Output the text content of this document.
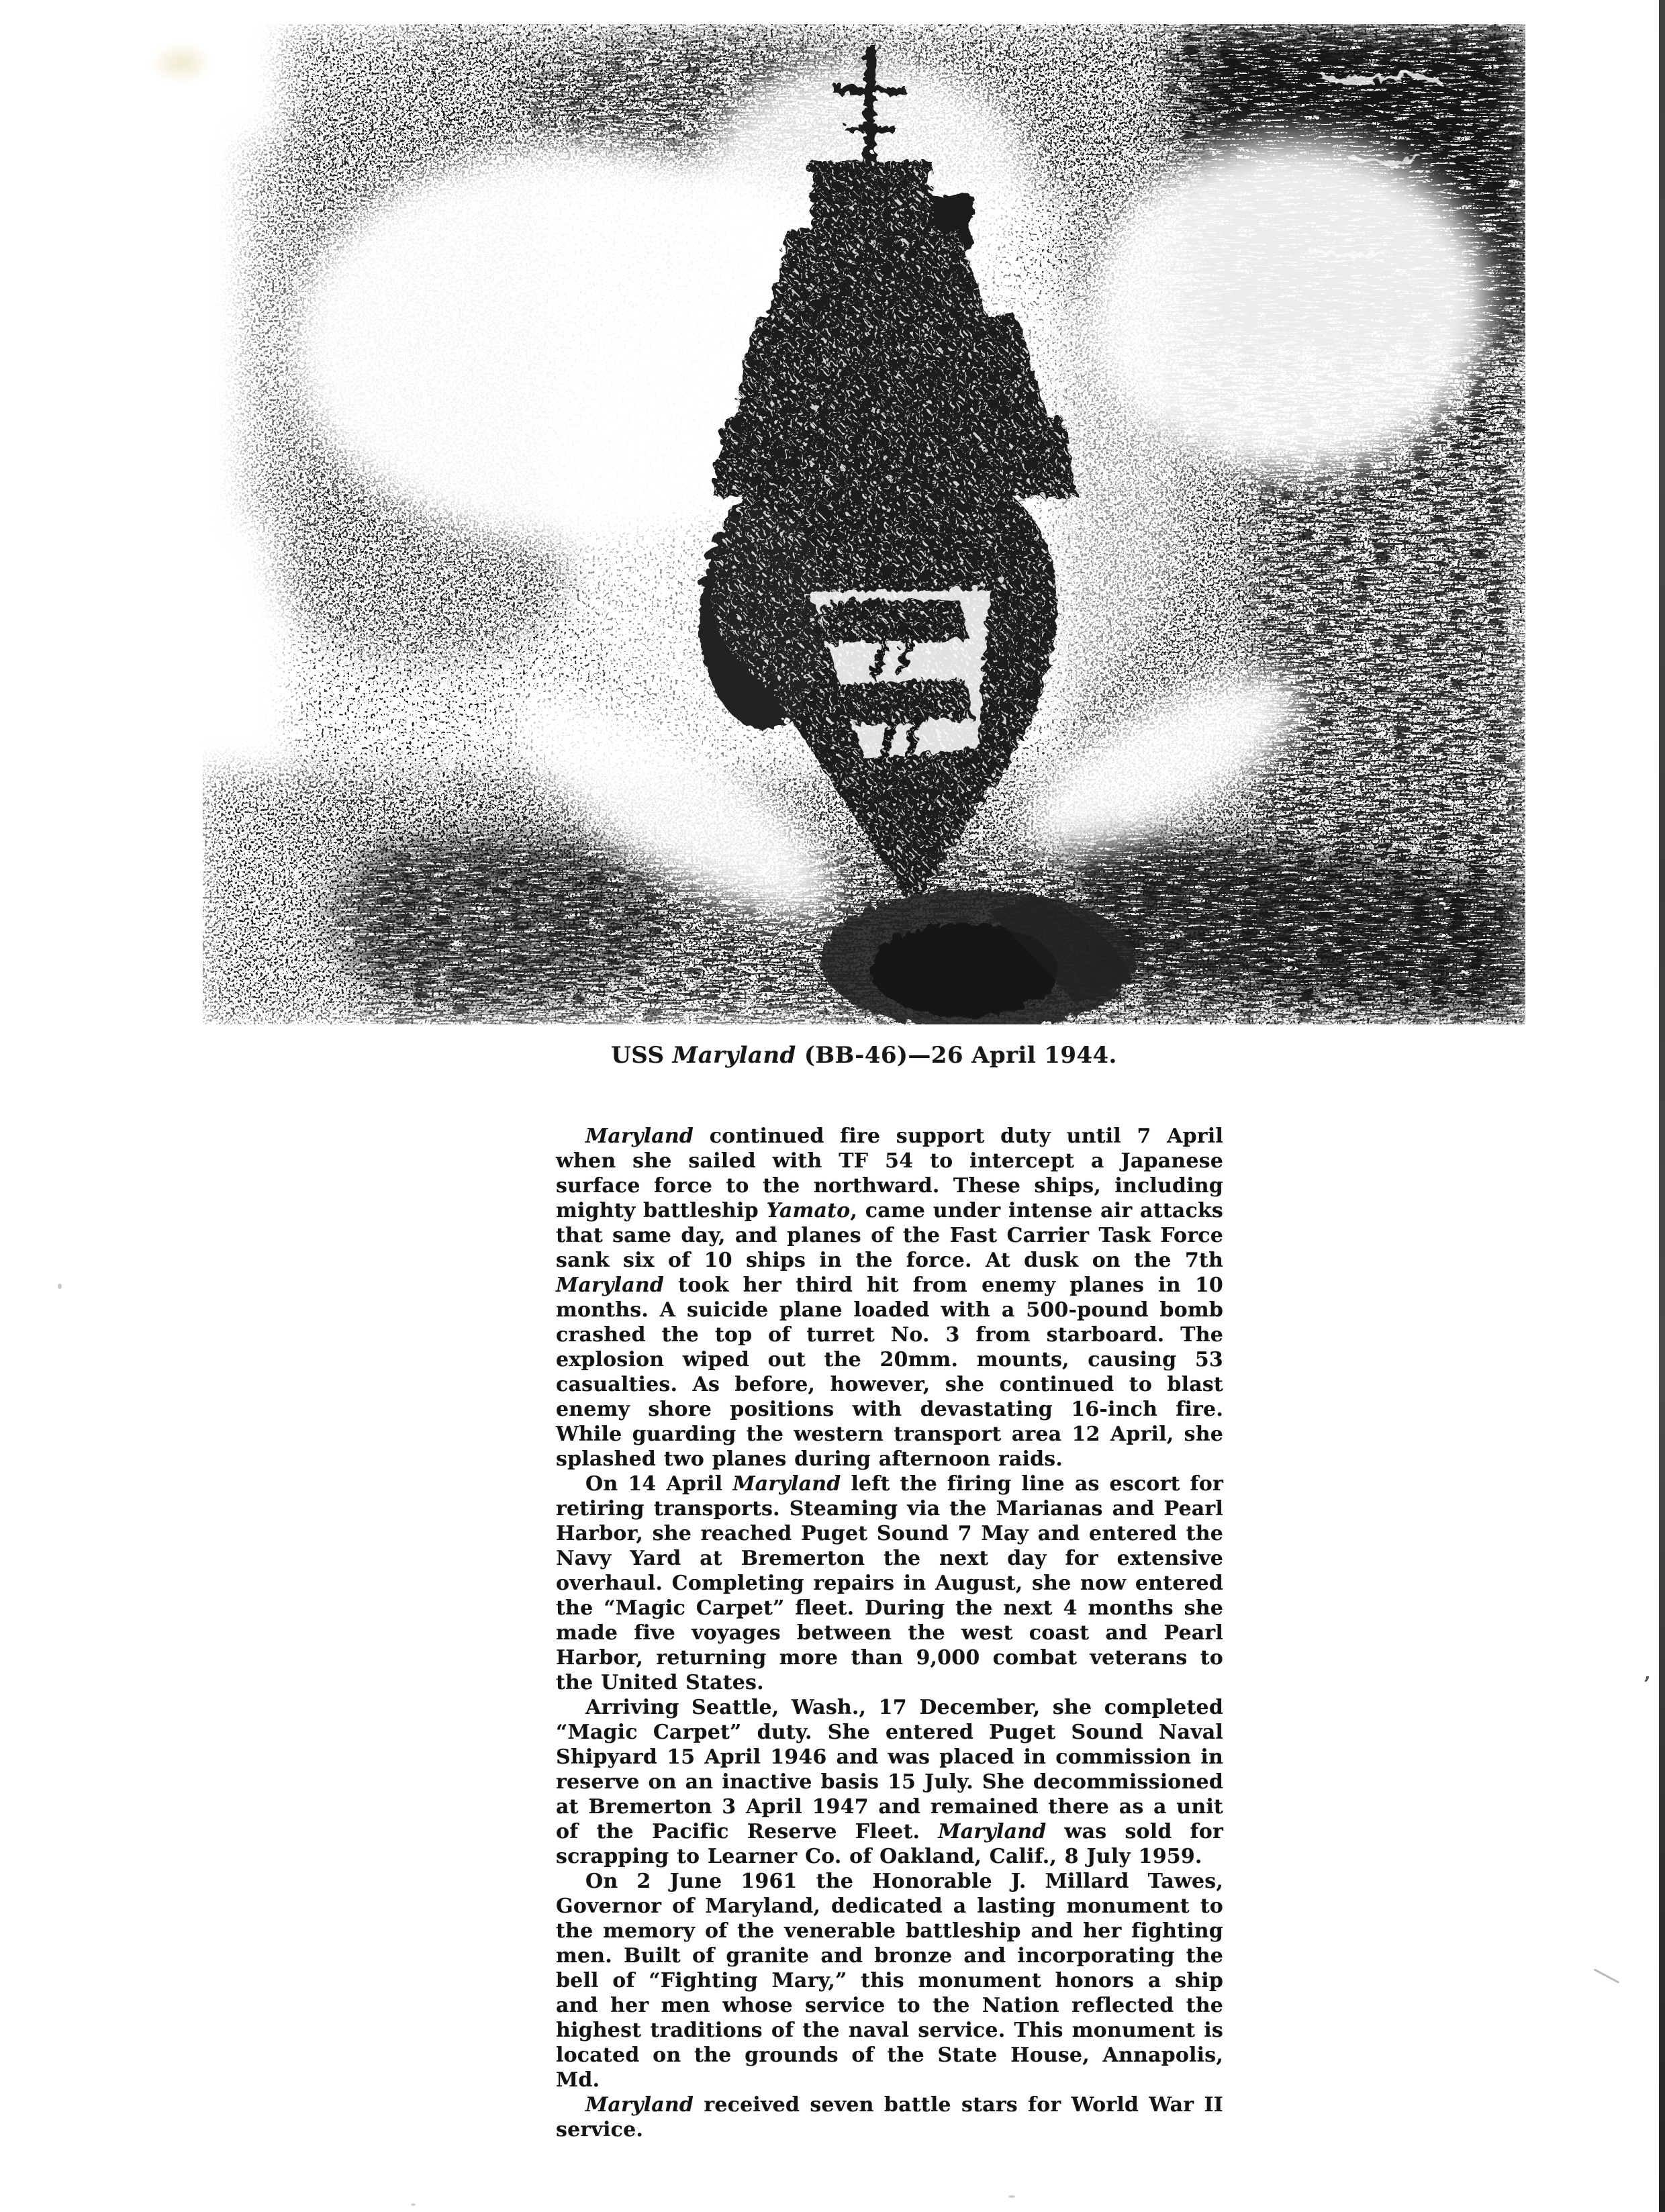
USS Maryland (BB-46)—26 April 1944.

Maryland continued fire support duty until 7 April when she sailed with TF 54 to intercept a Japanese surface force to the northward. These ships, including mighty battleship Yamato, came under intense air attacks that same day, and planes of the Fast Carrier Task Force sank six of 10 ships in the force. At dusk on the 7th Maryland took her third hit from enemy planes in 10 months. A suicide plane loaded with a 500-pound bomb crashed the top of turret No. 3 from starboard. The explosion wiped out the 20mm. mounts, causing 53 casualties. As before, however, she continued to blast enemy shore positions with devastating 16-inch fire. While guarding the western transport area 12 April, she splashed two planes during afternoon raids.

On 14 April Maryland left the firing line as escort for retiring transports. Steaming via the Marianas and Pearl Harbor, she reached Puget Sound 7 May and entered the Navy Yard at Bremerton the next day for extensive overhaul. Completing repairs in August, she now entered the “Magic Carpet” fleet. During the next 4 months she made five voyages between the west coast and Pearl Harbor, returning more than 9,000 combat veterans to the United States.

Arriving Seattle, Wash., 17 December, she completed “Magic Carpet” duty. She entered Puget Sound Naval Shipyard 15 April 1946 and was placed in commission in reserve on an inactive basis 15 July. She decommissioned at Bremerton 3 April 1947 and remained there as a unit of the Pacific Reserve Fleet. Maryland was sold for scrapping to Learner Co. of Oakland, Calif., 8 July 1959.

On 2 June 1961 the Honorable J. Millard Tawes, Governor of Maryland, dedicated a lasting monument to the memory of the venerable battleship and her fighting men. Built of granite and bronze and incorporating the bell of “Fighting Mary,” this monument honors a ship and her men whose service to the Nation reflected the highest traditions of the naval service. This monument is located on the grounds of the State House, Annapolis, Md.

Maryland received seven battle stars for World War II service.

’
